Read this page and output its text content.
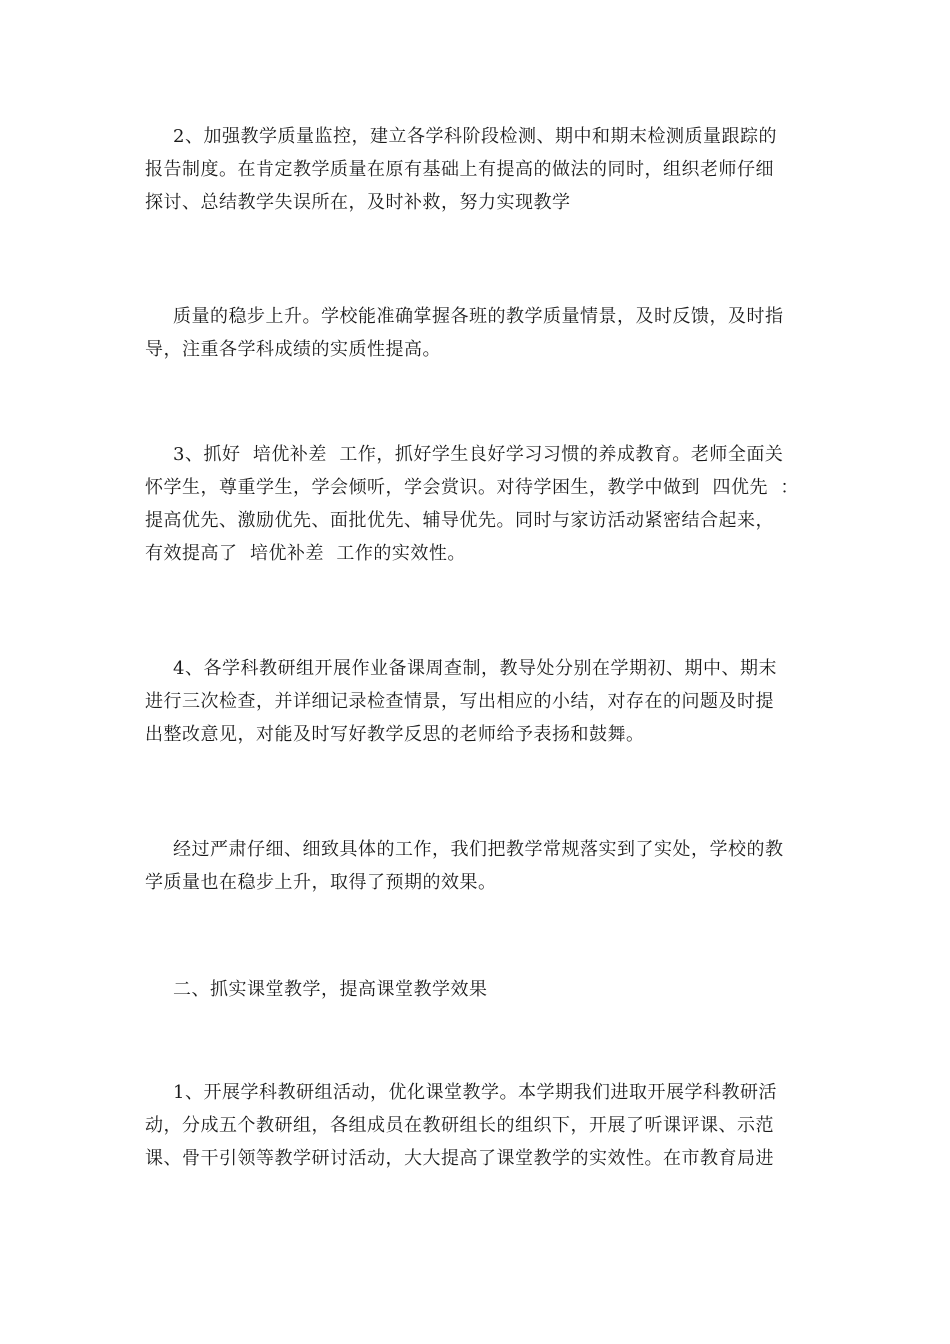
2、加强教学质量监控，建立各学科阶段检测、期中和期末检测质量跟踪的
报告制度。在肯定教学质量在原有基础上有提高的做法的同时，组织老师仔细
探讨、总结教学失误所在，及时补救，努力实现教学
质量的稳步上升。学校能准确掌握各班的教学质量情景，及时反馈，及时指
导，注重各学科成绩的实质性提高。
3、抓好  培优补差  工作，抓好学生良好学习习惯的养成教育。老师全面关
怀学生，尊重学生，学会倾听，学会赏识。对待学困生，教学中做到  四优先  ：
提高优先、激励优先、面批优先、辅导优先。同时与家访活动紧密结合起来，
有效提高了  培优补差  工作的实效性。
4、各学科教研组开展作业备课周查制，教导处分别在学期初、期中、期末
进行三次检查，并详细记录检查情景，写出相应的小结，对存在的问题及时提
出整改意见，对能及时写好教学反思的老师给予表扬和鼓舞。
经过严肃仔细、细致具体的工作，我们把教学常规落实到了实处，学校的教
学质量也在稳步上升，取得了预期的效果。
二、抓实课堂教学，提高课堂教学效果
1、开展学科教研组活动，优化课堂教学。本学期我们进取开展学科教研活
动，分成五个教研组，各组成员在教研组长的组织下，开展了听课评课、示范
课、骨干引领等教学研讨活动，大大提高了课堂教学的实效性。在市教育局进
